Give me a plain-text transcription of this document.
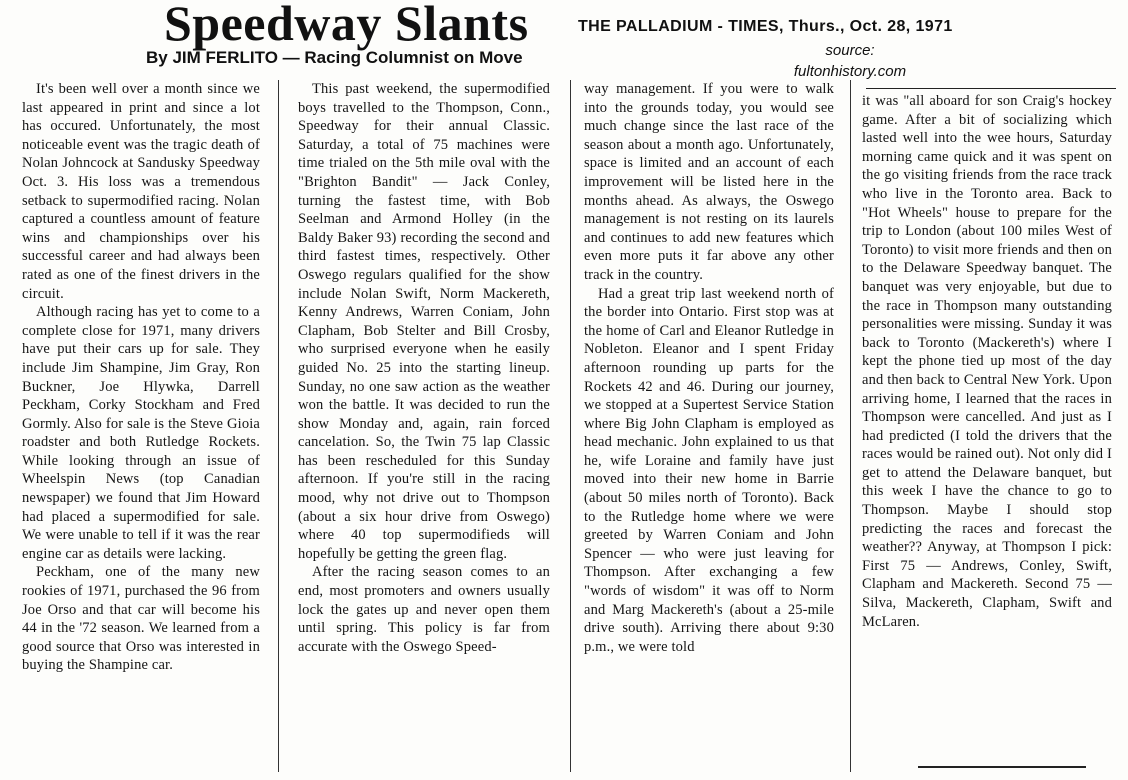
Speedway Slants	THE PALLADIUM - TIMES, Thurs., Oct. 28, 1971
By JIM FERLITO — Racing Columnist on Move	source:
fultonhistory.com

It's been well over a month since we last appeared in print and since a lot has occured. Unfortunately, the most noticeable event was the tragic death of Nolan Johncock at Sandusky Speedway Oct. 3. His loss was a tremendous setback to supermodified racing. Nolan captured a countless amount of feature wins and championships over his successful career and had always been rated as one of the finest drivers in the circuit.

Although racing has yet to come to a complete close for 1971, many drivers have put their cars up for sale. They include Jim Shampine, Jim Gray, Ron Buckner, Joe Hlywka, Darrell Peckham, Corky Stockham and Fred Gormly. Also for sale is the Steve Gioia roadster and both Rutledge Rockets. While looking through an issue of Wheelspin News (top Canadian newspaper) we found that Jim Howard had placed a supermodified for sale. We were unable to tell if it was the rear engine car as details were lacking.

Peckham, one of the many new rookies of 1971, purchased the 96 from Joe Orso and that car will become his 44 in the '72 season. We learned from a good source that Orso was interested in buying the Shampine car.

This past weekend, the supermodified boys travelled to the Thompson, Conn., Speedway for their annual Classic. Saturday, a total of 75 machines were time trialed on the 5th mile oval with the "Brighton Bandit" — Jack Conley, turning the fastest time, with Bob Seelman and Armond Holley (in the Baldy Baker 93) recording the second and third fastest times, respectively. Other Oswego regulars qualified for the show include Nolan Swift, Norm Mackereth, Kenny Andrews, Warren Coniam, John Clapham, Bob Stelter and Bill Crosby, who surprised everyone when he easily guided No. 25 into the starting lineup. Sunday, no one saw action as the weather won the battle. It was decided to run the show Monday and, again, rain forced cancelation. So, the Twin 75 lap Classic has been rescheduled for this Sunday afternoon. If you're still in the racing mood, why not drive out to Thompson (about a six hour drive from Oswego) where 40 top supermodifieds will hopefully be getting the green flag.

After the racing season comes to an end, most promoters and owners usually lock the gates up and never open them until spring. This policy is far from accurate with the Oswego Speed-

way management. If you were to walk into the grounds today, you would see much change since the last race of the season about a month ago. Unfortunately, space is limited and an account of each improvement will be listed here in the months ahead. As always, the Oswego management is not resting on its laurels and continues to add new features which even more puts it far above any other track in the country.

Had a great trip last weekend north of the border into Ontario. First stop was at the home of Carl and Eleanor Rutledge in Nobleton. Eleanor and I spent Friday afternoon rounding up parts for the Rockets 42 and 46. During our journey, we stopped at a Supertest Service Station where Big John Clapham is employed as head mechanic. John explained to us that he, wife Loraine and family have just moved into their new home in Barrie (about 50 miles north of Toronto). Back to the Rutledge home where we were greeted by Warren Coniam and John Spencer — who were just leaving for Thompson. After exchanging a few "words of wisdom" it was off to Norm and Marg Mackereth's (about a 25-mile drive south). Arriving there about 9:30 p.m., we were told

it was "all aboard for son Craig's hockey game. After a bit of socializing which lasted well into the wee hours, Saturday morning came quick and it was spent on the go visiting friends from the race track who live in the Toronto area. Back to "Hot Wheels" house to prepare for the trip to London (about 100 miles West of Toronto) to visit more friends and then on to the Delaware Speedway banquet. The banquet was very enjoyable, but due to the race in Thompson many outstanding personalities were missing. Sunday it was back to Toronto (Mackereth's) where I kept the phone tied up most of the day and then back to Central New York. Upon arriving home, I learned that the races in Thompson were cancelled. And just as I had predicted (I told the drivers that the races would be rained out). Not only did I get to attend the Delaware banquet, but this week I have the chance to go to Thompson. Maybe I should stop predicting the races and forecast the weather?? Anyway, at Thompson I pick: First 75 — Andrews, Conley, Swift, Clapham and Mackereth. Second 75 — Silva, Mackereth, Clapham, Swift and McLaren.
